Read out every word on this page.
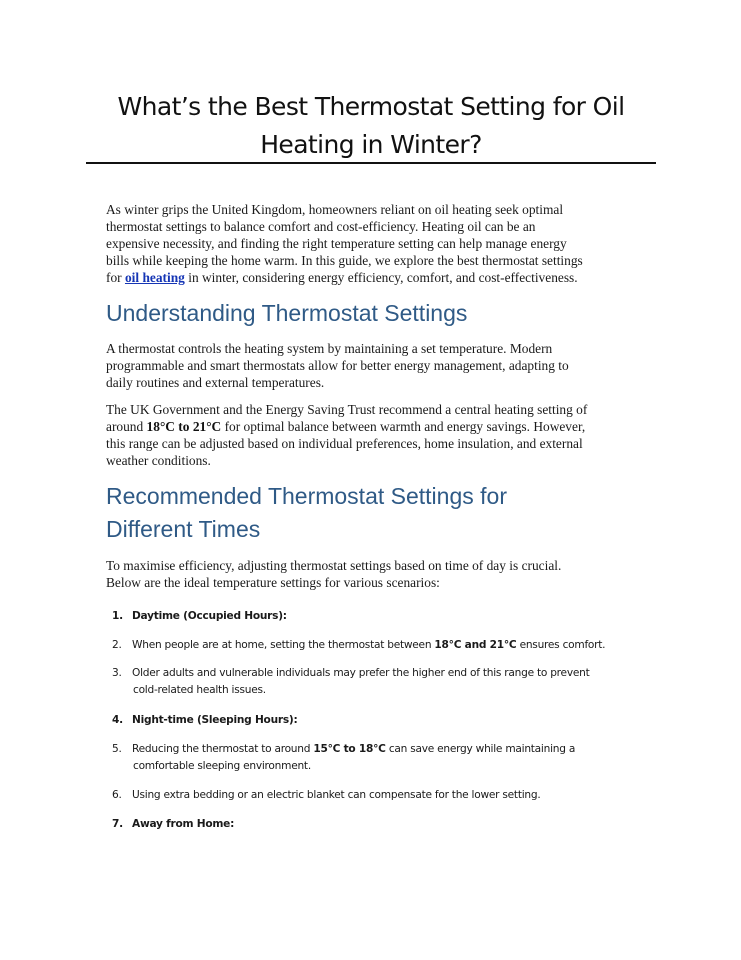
What’s the Best Thermostat Setting for Oil Heating in Winter?
As winter grips the United Kingdom, homeowners reliant on oil heating seek optimal
thermostat settings to balance comfort and cost-efficiency. Heating oil can be an
expensive necessity, and finding the right temperature setting can help manage energy
bills while keeping the home warm. In this guide, we explore the best thermostat settings
for oil heating in winter, considering energy efficiency, comfort, and cost-effectiveness.
Understanding Thermostat Settings
A thermostat controls the heating system by maintaining a set temperature. Modern
programmable and smart thermostats allow for better energy management, adapting to
daily routines and external temperatures.
The UK Government and the Energy Saving Trust recommend a central heating setting of
around 18°C to 21°C for optimal balance between warmth and energy savings. However,
this range can be adjusted based on individual preferences, home insulation, and external
weather conditions.
Recommended Thermostat Settings for
Different Times
To maximise efficiency, adjusting thermostat settings based on time of day is crucial.
Below are the ideal temperature settings for various scenarios:
1. Daytime (Occupied Hours):
2. When people are at home, setting the thermostat between 18°C and 21°C ensures comfort.
3. Older adults and vulnerable individuals may prefer the higher end of this range to prevent
cold-related health issues.
4. Night-time (Sleeping Hours):
5. Reducing the thermostat to around 15°C to 18°C can save energy while maintaining a
comfortable sleeping environment.
6. Using extra bedding or an electric blanket can compensate for the lower setting.
7. Away from Home:
